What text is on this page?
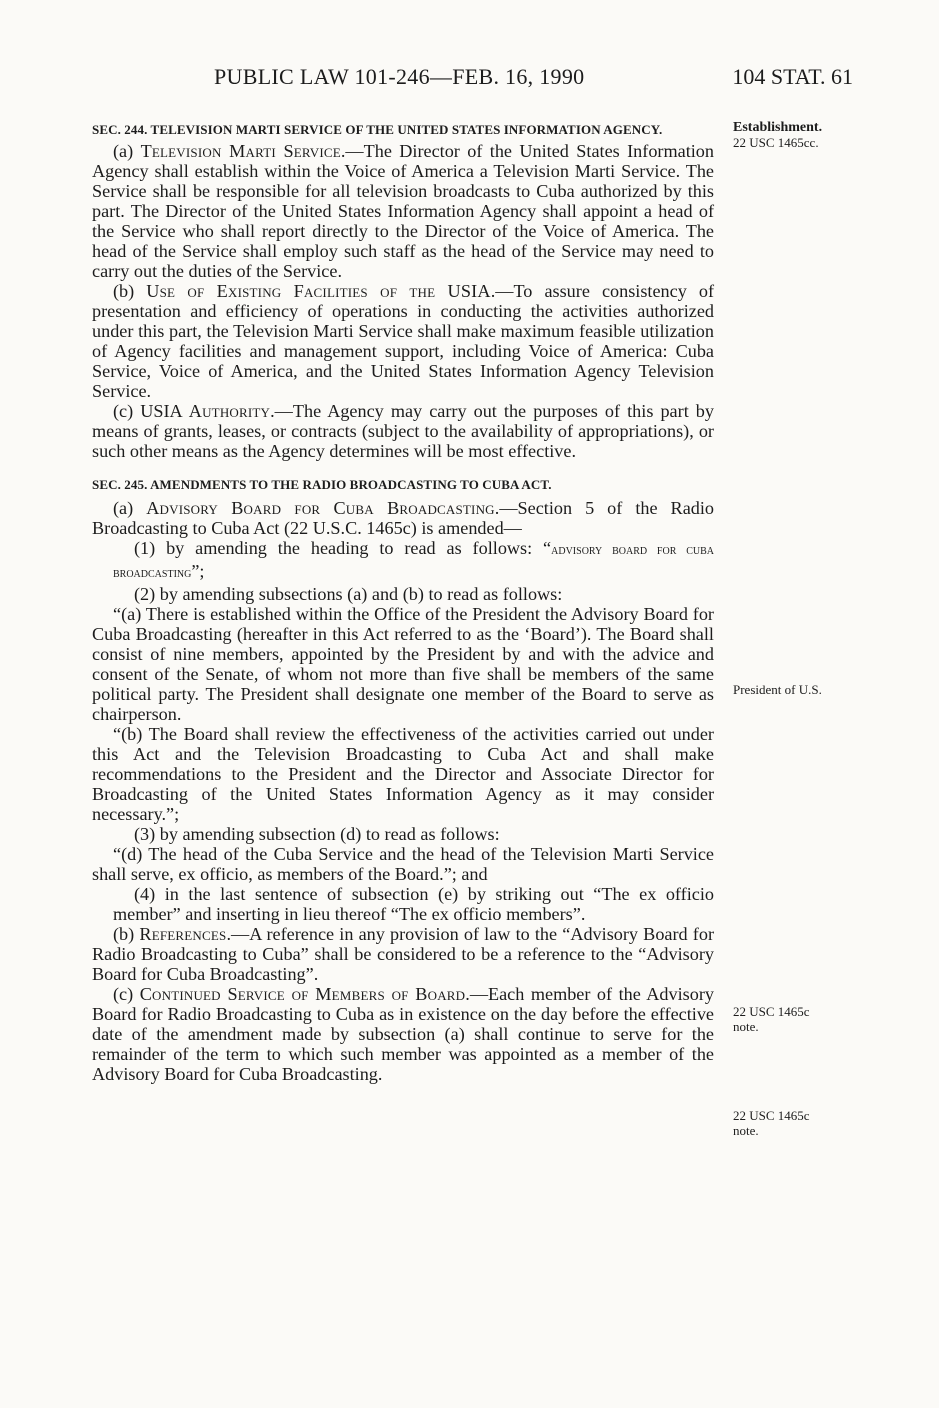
PUBLIC LAW 101-246—FEB. 16, 1990	104 STAT. 61
Establishment.
22 USC 1465cc.
President of U.S.
22 USC 1465c
note.
22 USC 1465c
note.
SEC. 244. TELEVISION MARTI SERVICE OF THE UNITED STATES INFORMATION AGENCY.

(a) Television Marti Service.—The Director of the United States Information Agency shall establish within the Voice of America a Television Marti Service. The Service shall be responsible for all television broadcasts to Cuba authorized by this part. The Director of the United States Information Agency shall appoint a head of the Service who shall report directly to the Director of the Voice of America. The head of the Service shall employ such staff as the head of the Service may need to carry out the duties of the Service.

(b) Use of Existing Facilities of the USIA.—To assure consistency of presentation and efficiency of operations in conducting the activities authorized under this part, the Television Marti Service shall make maximum feasible utilization of Agency facilities and management support, including Voice of America: Cuba Service, Voice of America, and the United States Information Agency Television Service.

(c) USIA Authority.—The Agency may carry out the purposes of this part by means of grants, leases, or contracts (subject to the availability of appropriations), or such other means as the Agency determines will be most effective.

SEC. 245. AMENDMENTS TO THE RADIO BROADCASTING TO CUBA ACT.

(a) Advisory Board for Cuba Broadcasting.—Section 5 of the Radio Broadcasting to Cuba Act (22 U.S.C. 1465c) is amended—

(1) by amending the heading to read as follows: “advisory board for cuba broadcasting”;

(2) by amending subsections (a) and (b) to read as follows:

“(a) There is established within the Office of the President the Advisory Board for Cuba Broadcasting (hereafter in this Act referred to as the ‘Board’). The Board shall consist of nine members, appointed by the President by and with the advice and consent of the Senate, of whom not more than five shall be members of the same political party. The President shall designate one member of the Board to serve as chairperson.

“(b) The Board shall review the effectiveness of the activities carried out under this Act and the Television Broadcasting to Cuba Act and shall make recommendations to the President and the Director and Associate Director for Broadcasting of the United States Information Agency as it may consider necessary.”;

(3) by amending subsection (d) to read as follows:

“(d) The head of the Cuba Service and the head of the Television Marti Service shall serve, ex officio, as members of the Board.”; and

(4) in the last sentence of subsection (e) by striking out “The ex officio member” and inserting in lieu thereof “The ex officio members”.

(b) References.—A reference in any provision of law to the “Advisory Board for Radio Broadcasting to Cuba” shall be considered to be a reference to the “Advisory Board for Cuba Broadcasting”.

(c) Continued Service of Members of Board.—Each member of the Advisory Board for Radio Broadcasting to Cuba as in existence on the day before the effective date of the amendment made by subsection (a) shall continue to serve for the remainder of the term to which such member was appointed as a member of the Advisory Board for Cuba Broadcasting.
